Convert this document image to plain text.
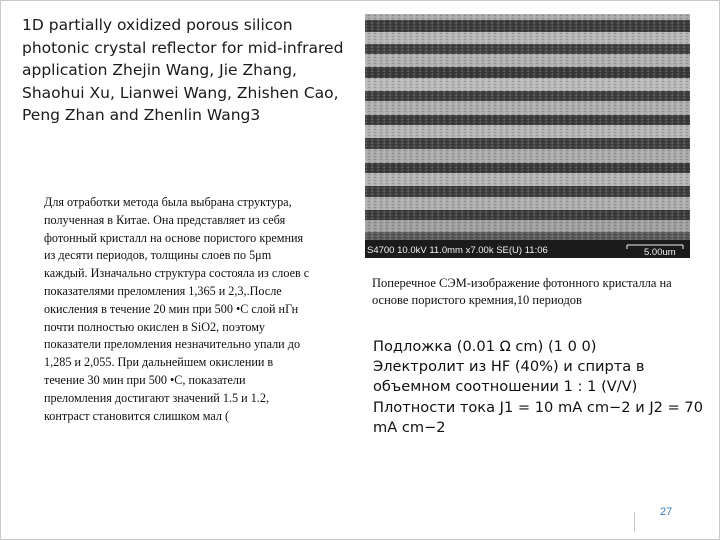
1D partially oxidized porous silicon photonic crystal reflector for mid-infrared application Zhejin Wang, Jie Zhang, Shaohui Xu, Lianwei Wang, Zhishen Cao, Peng Zhan and Zhenlin Wang3
Для отработки метода была выбрана структура, полученная в Китае. Она представляет из себя фотонный кристалл на основе пористого кремния из десяти периодов, толщины слоев по 5μm каждый. Изначально структура состояла из слоев с показателями преломления 1,365 и 2,3,.После окисления в течение 20 мин при 500 •С слой нГн почти полностью окислен в SiO2, поэтому показатели преломления незначительно упали до 1,285 и 2,055. При дальнейшем окислении в течение 30 мин при 500 •С, показатели преломления достигают значений 1.5 и 1.2, контраст становится слишком мал (
S4700 10.0kV 11.0mm x7.00k SE(U) 11:06	5.00um
Поперечное СЭМ-изображение фотонного кристалла на основе пористого кремния,10 периодов
Подложка (0.01 Ω cm) (1 0 0)
Электролит из HF (40%) и спирта в объемном соотношении 1 : 1 (V/V)
Плотности тока J1 = 10 mA cm−2 и J2 = 70 mA cm−2
27
